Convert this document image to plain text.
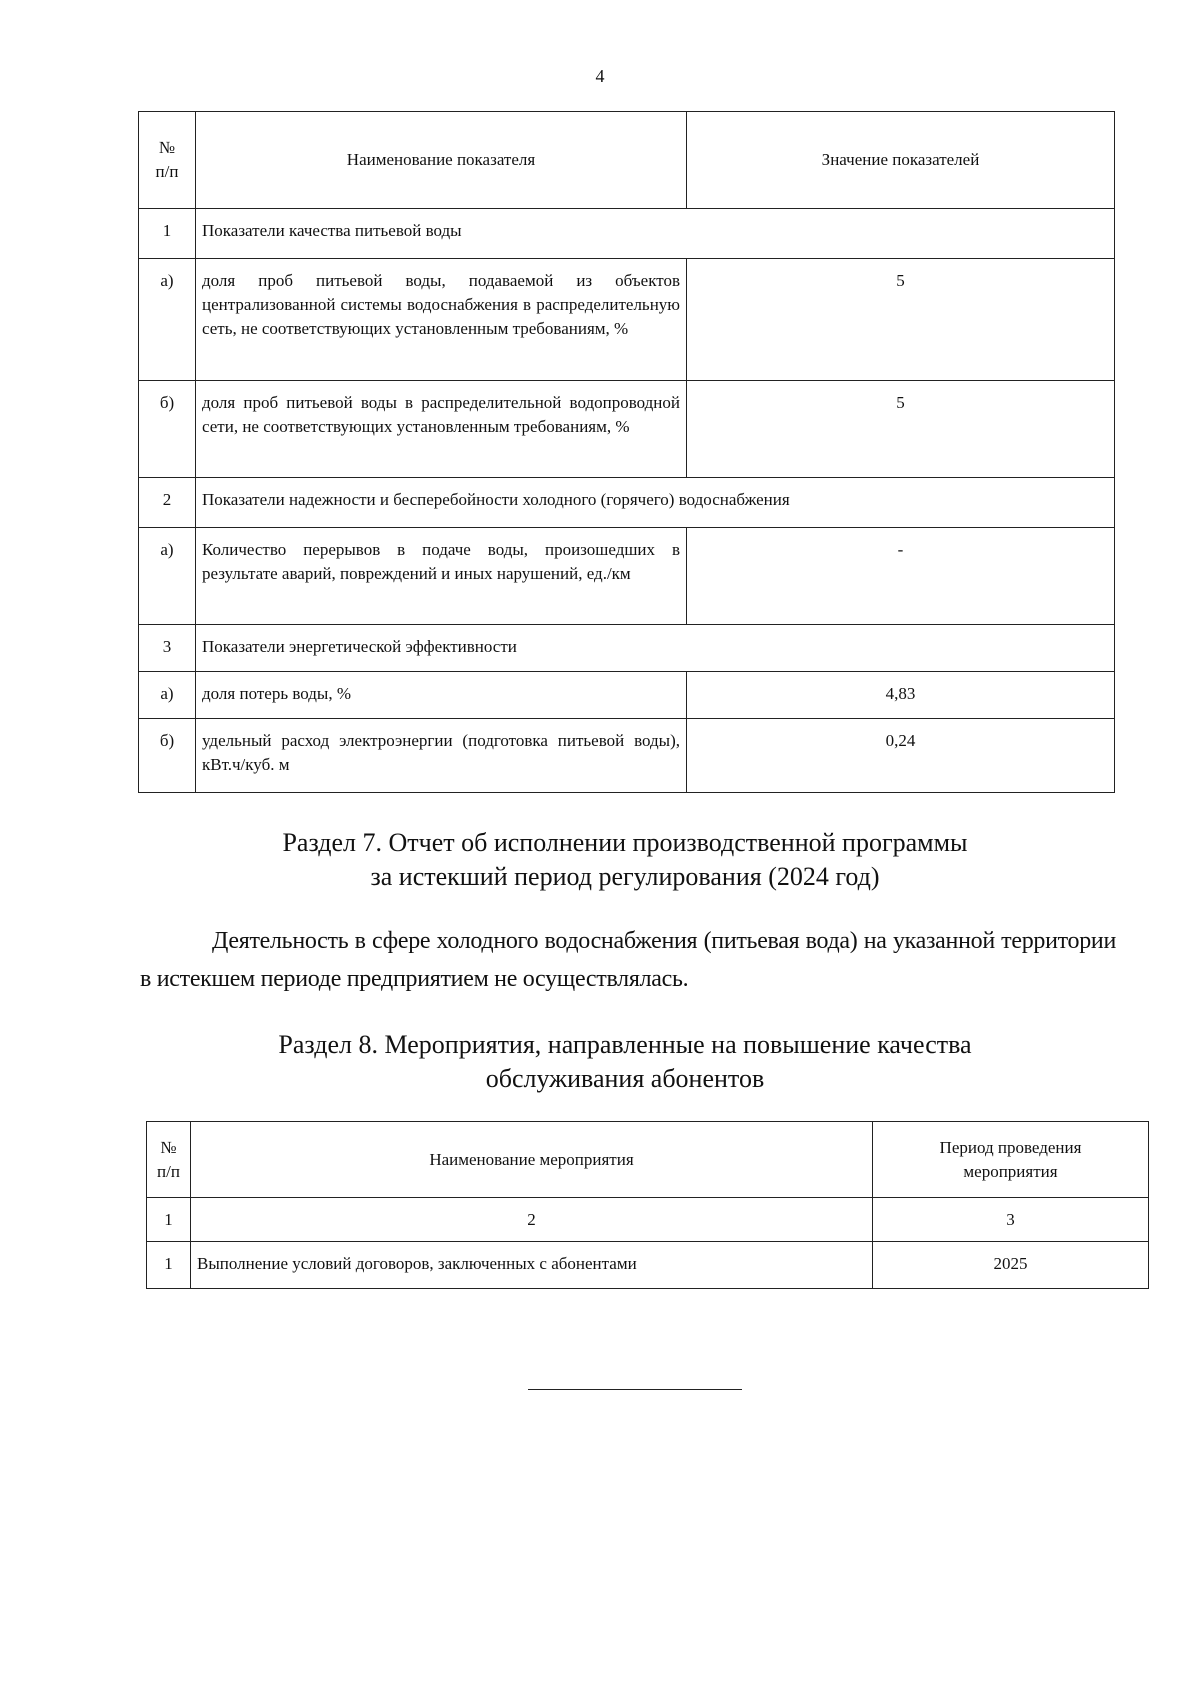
4
№
п/п	Наименование показателя	Значение показателей
1	Показатели качества питьевой воды	
а)	доля проб питьевой воды, подаваемой из объектов централизованной системы водоснабжения в распределительную сеть, не соответствующих установленным требованиям, %	5
б)	доля проб питьевой воды в распределительной водопроводной сети, не соответствующих установленным требованиям, %	5
2	Показатели надежности и бесперебойности холодного (горячего) водоснабжения	
а)	Количество перерывов в подаче воды, произошедших в результате аварий, повреждений и иных нарушений, ед./км	-
3	Показатели энергетической эффективности	
а)	доля потерь воды, %	4,83
б)	удельный расход электроэнергии (подготовка питьевой воды), кВт.ч/куб. м	0,24
Раздел 7. Отчет об исполнении производственной программы
за истекший период регулирования (2024 год)
Деятельность в сфере холодного водоснабжения (питьевая вода) на указанной территории в истекшем периоде предприятием не осуществлялась.
Раздел 8. Мероприятия, направленные на повышение качества
обслуживания абонентов
№
п/п	Наименование мероприятия	Период проведения мероприятия
1	2	3
1	Выполнение условий договоров, заключенных с абонентами	2025
